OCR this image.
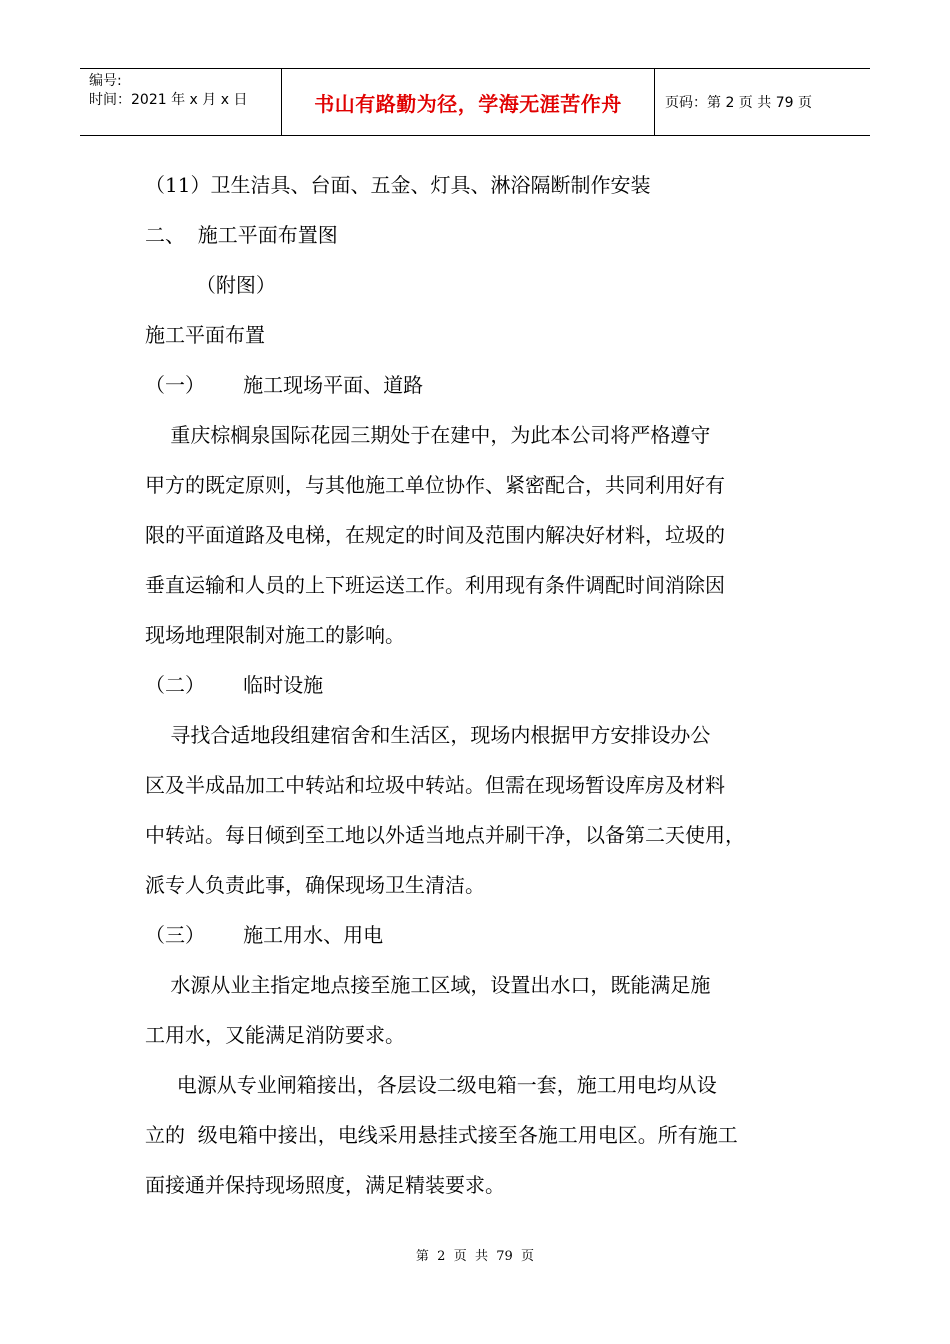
编号:
时间：2021 年 x 月 x 日	书山有路勤为径，学海无涯苦作舟	页码：第 2 页 共 79 页
（11）卫生洁具、台面、五金、灯具、淋浴隔断制作安装
二、  施工平面布置图
（附图）
施工平面布置
（一）      施工现场平面、道路
重庆棕榈泉国际花园三期处于在建中，为此本公司将严格遵守
甲方的既定原则，与其他施工单位协作、紧密配合，共同利用好有
限的平面道路及电梯，在规定的时间及范围内解决好材料，垃圾的
垂直运输和人员的上下班运送工作。利用现有条件调配时间消除因
现场地理限制对施工的影响。
（二）      临时设施
寻找合适地段组建宿舍和生活区，现场内根据甲方安排设办公
区及半成品加工中转站和垃圾中转站。但需在现场暂设库房及材料
中转站。每日倾到至工地以外适当地点并刷干净，以备第二天使用，
派专人负责此事，确保现场卫生清洁。
（三）      施工用水、用电
水源从业主指定地点接至施工区域，设置出水口，既能满足施
工用水，又能满足消防要求。
电源从专业闸箱接出，各层设二级电箱一套，施工用电均从设
立的  级电箱中接出，电线采用悬挂式接至各施工用电区。所有施工
面接通并保持现场照度，满足精装要求。
第  2  页  共  79  页
